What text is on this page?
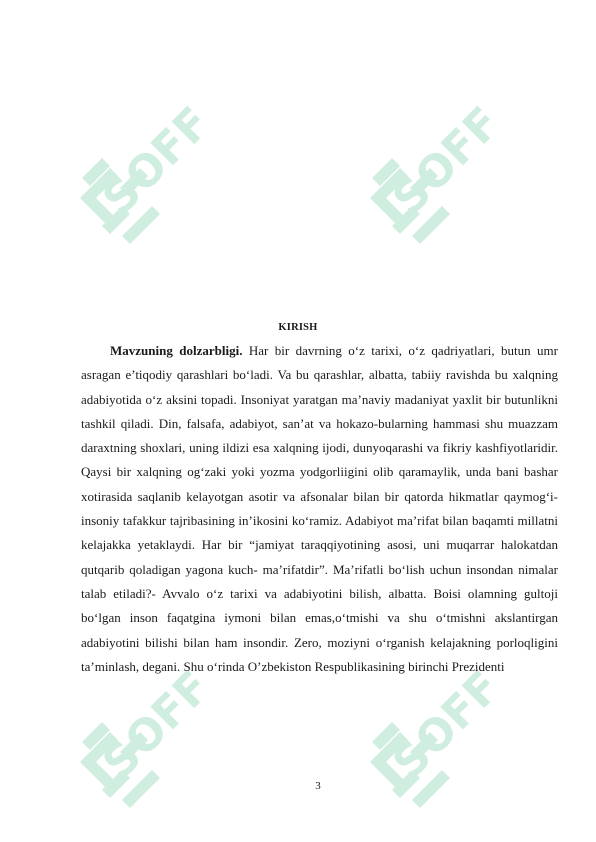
SOFF	SOFF
SOFF	SOFF
KIRISH

Mavzuning dolzarbligi. Har bir davrning o‘z tarixi, o‘z qadriyatlari, butun umr asragan e’tiqodiy qarashlari bo‘ladi. Va bu qarashlar, albatta, tabiiy ravishda bu xalqning adabiyotida o‘z aksini topadi. Insoniyat yaratgan ma’naviy madaniyat yaxlit bir butunlikni tashkil qiladi. Din, falsafa, adabiyot, san’at va hokazo-bularning hammasi shu muazzam daraxtning shoxlari, uning ildizi esa xalqning ijodi, dunyoqarashi va fikriy kashfiyotlaridir. Qaysi bir xalqning og‘zaki yoki yozma yodgorliigini olib qaramaylik, unda bani bashar xotirasida saqlanib kelayotgan asotir va afsonalar bilan bir qatorda hikmatlar qaymog‘i- insoniy tafakkur tajribasining in’ikosini ko‘ramiz. Adabiyot ma’rifat bilan baqamti millatni kelajakka yetaklaydi. Har bir “jamiyat taraqqiyotining asosi, uni muqarrar halokatdan qutqarib qoladigan yagona kuch- ma’rifatdir”. Ma’rifatli bo‘lish uchun insondan nimalar talab etiladi?- Avvalo o‘z tarixi va adabiyotini bilish, albatta. Boisi olamning gultoji bo‘lgan inson faqatgina iymoni bilan emas,o‘tmishi va shu o‘tmishni akslantirgan adabiyotini bilishi bilan ham insondir. Zero, moziyni o‘rganish kelajakning porloqligini ta’minlash, degani. Shu o‘rinda O’zbekiston Respublikasining birinchi Prezidenti

3
